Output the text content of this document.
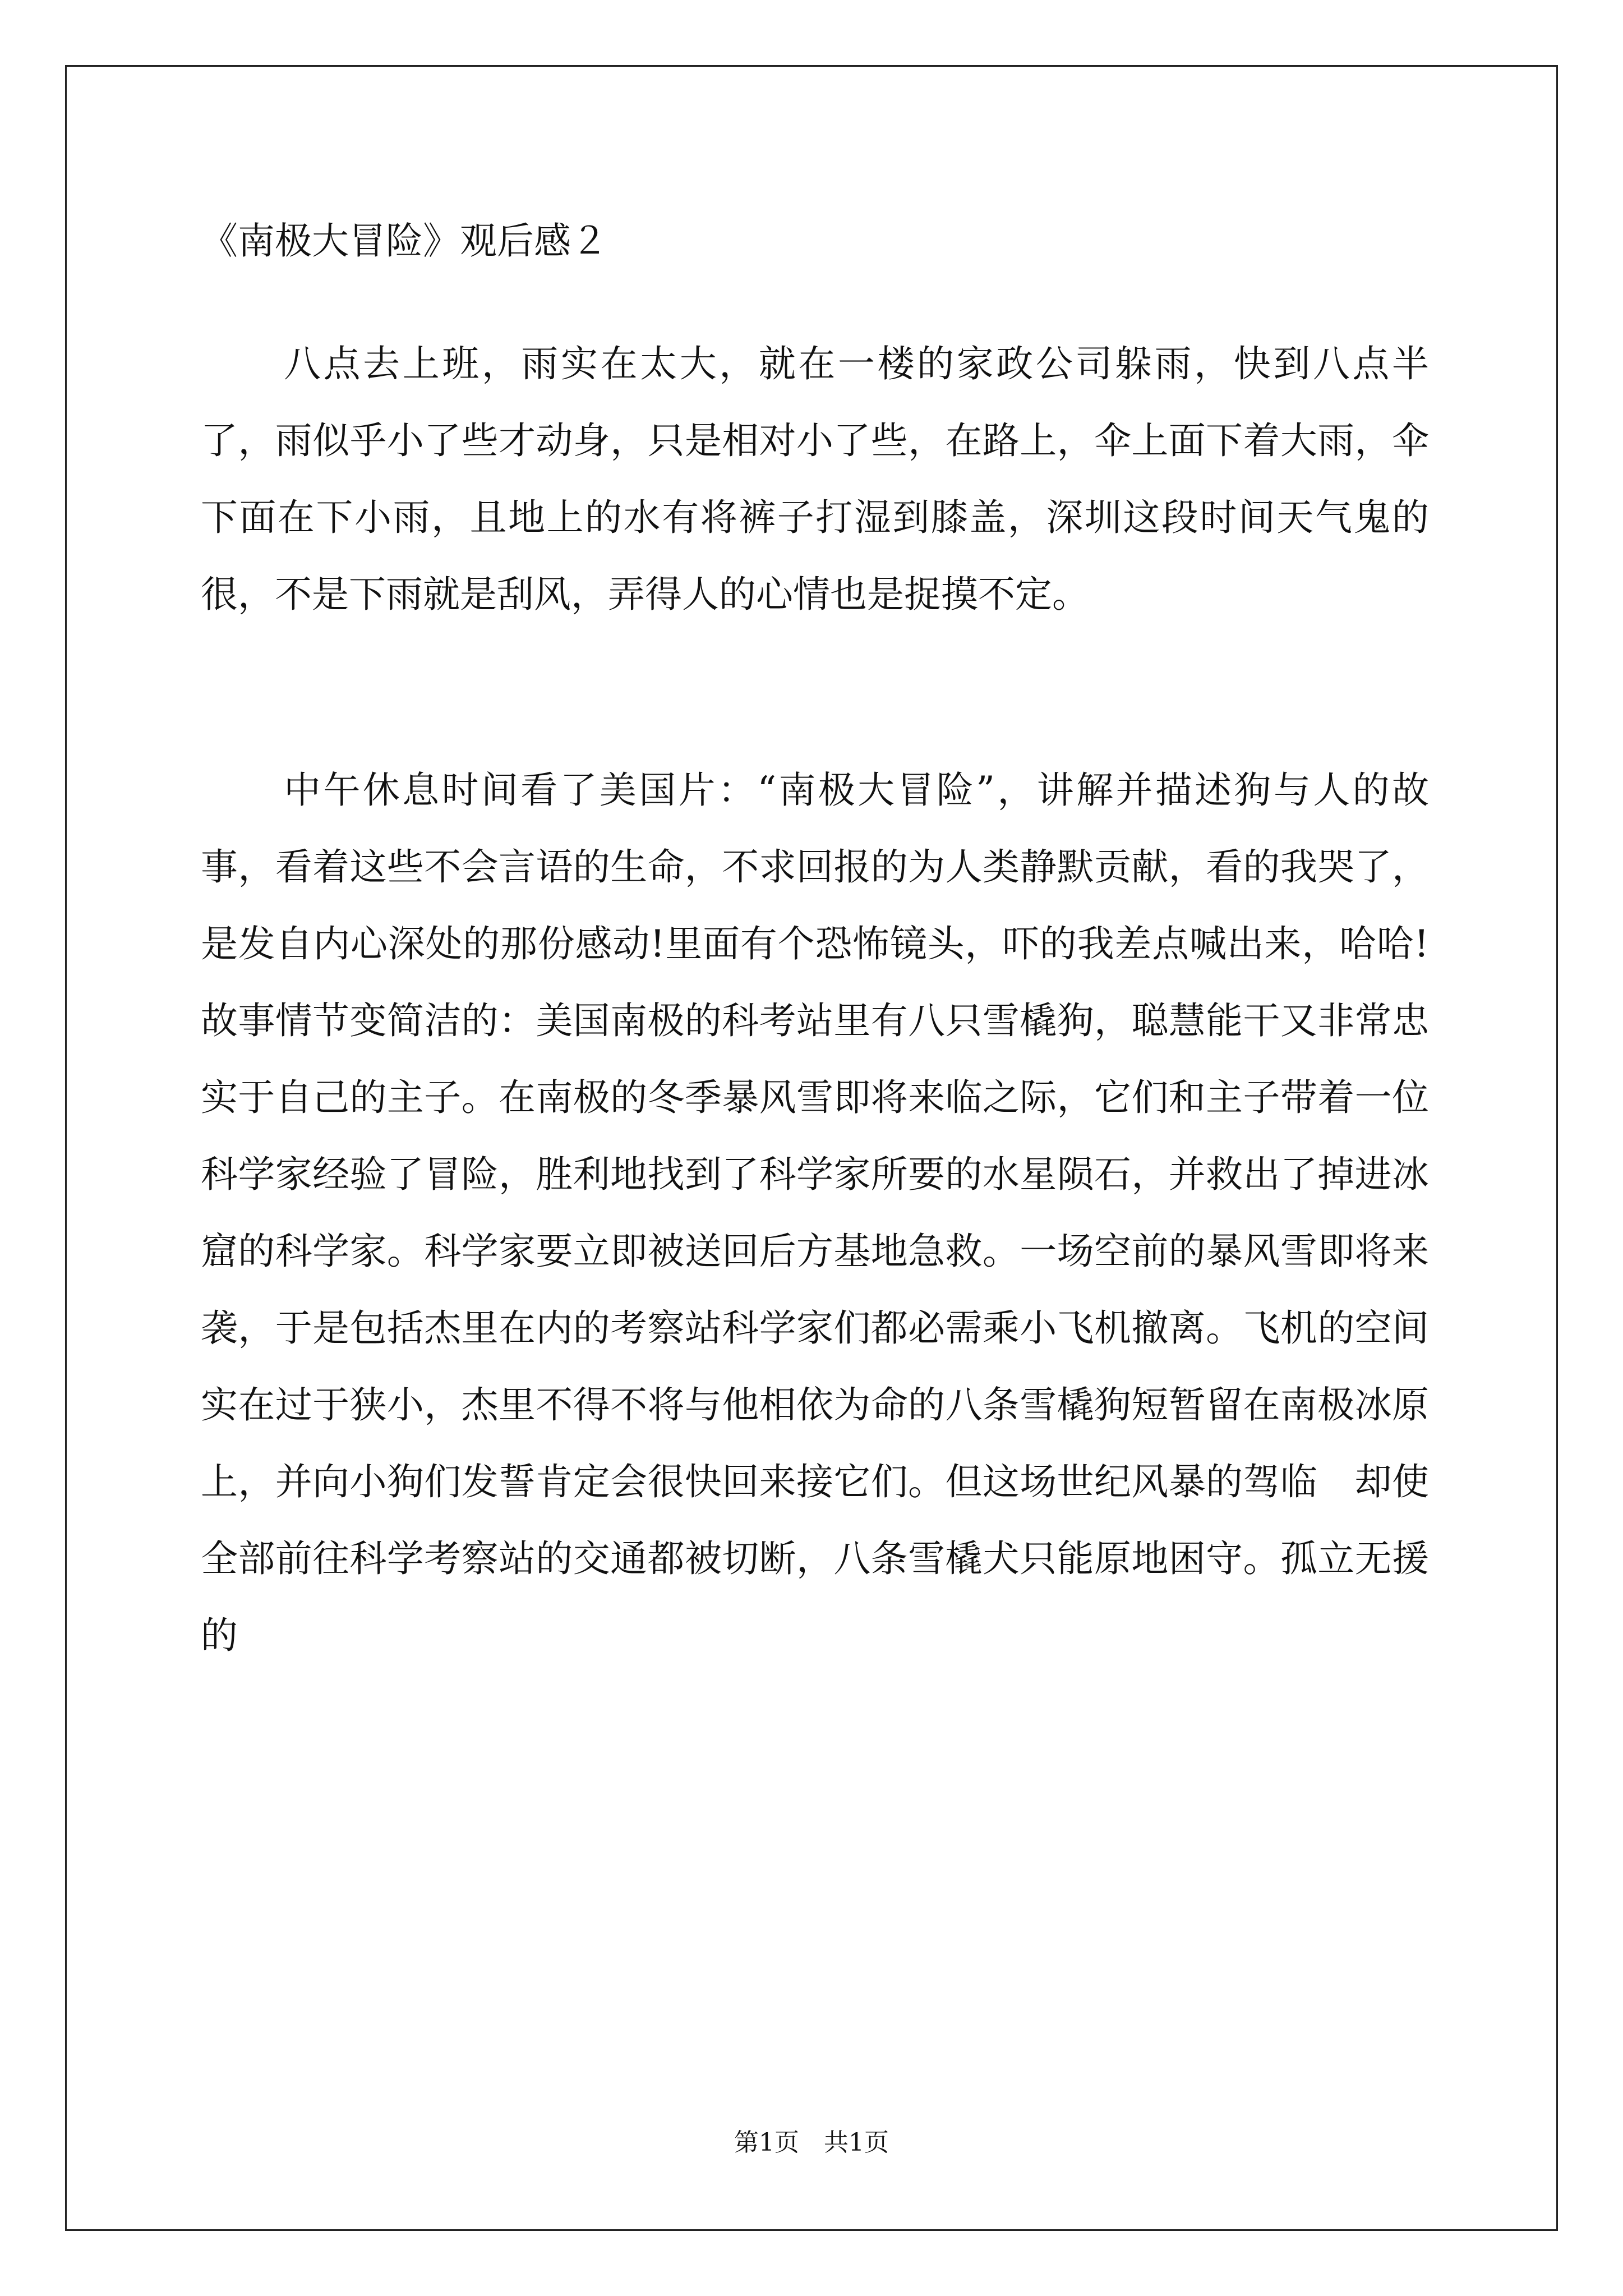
《南极大冒险》观后感２

八点去上班，雨实在太大，就在一楼的家政公司躲雨，快到八点半了，雨似乎小了些才动身，只是相对小了些，在路上，伞上面下着大雨，伞下面在下小雨，且地上的水有将裤子打湿到膝盖，深圳这段时间天气鬼的很，不是下雨就是刮风，弄得人的心情也是捉摸不定。

中午休息时间看了美国片：“南极大冒险”，讲解并描述狗与人的故事，看着这些不会言语的生命，不求回报的为人类静默贡献，看的我哭了，是发自内心深处的那份感动!里面有个恐怖镜头，吓的我差点喊出来，哈哈!故事情节变简洁的：美国南极的科考站里有八只雪橇狗，聪慧能干又非常忠实于自己的主子。在南极的冬季暴风雪即将来临之际，它们和主子带着一位科学家经验了冒险，胜利地找到了科学家所要的水星陨石，并救出了掉进冰窟的科学家。科学家要立即被送回后方基地急救。一场空前的暴风雪即将来袭，于是包括杰里在内的考察站科学家们都必需乘小飞机撤离。飞机的空间实在过于狭小，杰里不得不将与他相依为命的八条雪橇狗短暂留在南极冰原上，并向小狗们发誓肯定会很快回来接它们。但这场世纪风暴的驾临　却使全部前往科学考察站的交通都被切断，八条雪橇犬只能原地困守。孤立无援的

第1页　共1页
